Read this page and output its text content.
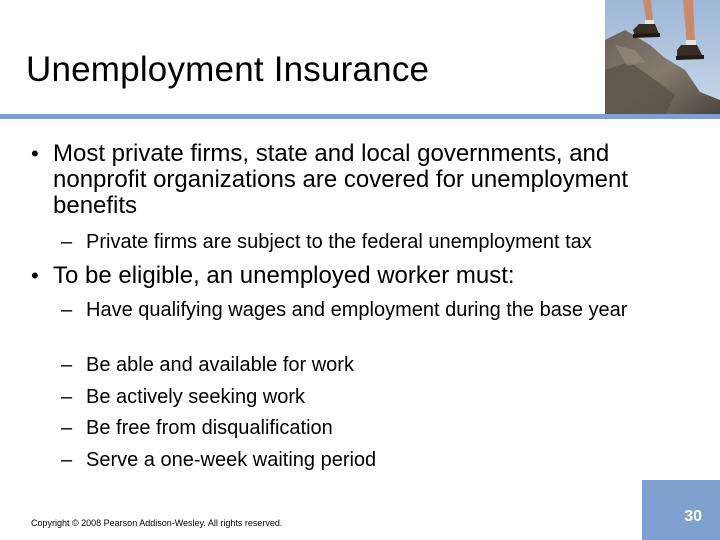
Unemployment Insurance
• Most private firms, state and local governments, and nonprofit organizations are covered for unemployment benefits
– Private firms are subject to the federal unemployment tax
• To be eligible, an unemployed worker must:
– Have qualifying wages and employment during the base year
– Be able and available for work
– Be actively seeking work
– Be free from disqualification
– Serve a one-week waiting period
Copyright © 2008 Pearson Addison-Wesley. All rights reserved.	30
